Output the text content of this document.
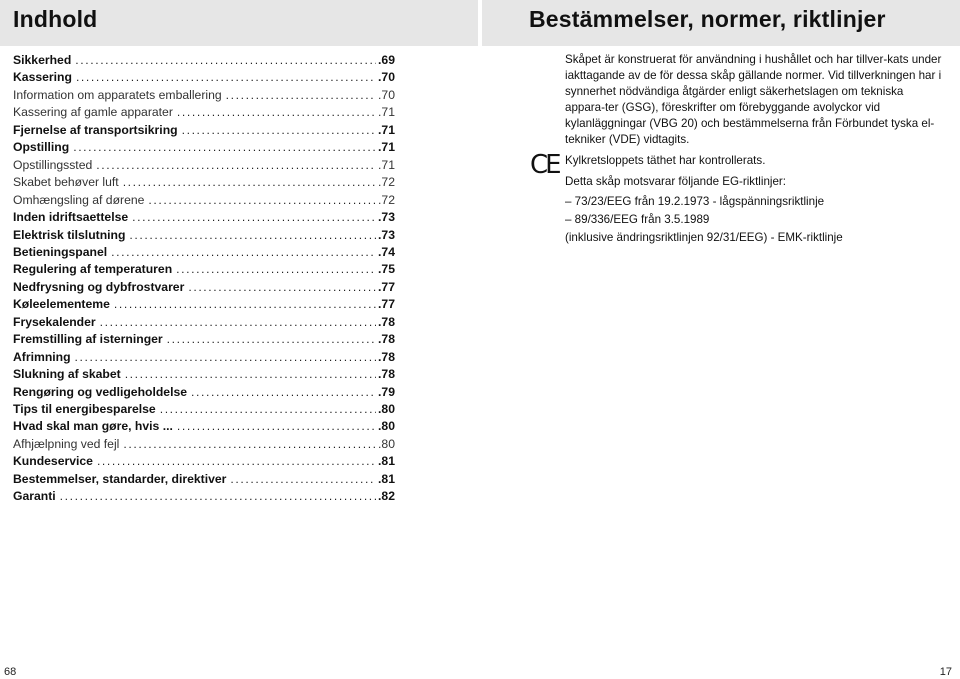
Indhold	Bestämmelser, normer, riktlinjer
Sikkerhed .....	.69
Kassering .....	.70
Information om apparatets emballering .....	.70
Kassering af gamle apparater .....	.71
Fjernelse af transportsikring .....	.71
Opstilling .....	.71
Opstillingssted .....	.71
Skabet behøver luft .....	.72
Omhængsling af dørene .....	.72
Inden idriftsaettelse .....	.73
Elektrisk tilslutning .....	.73
Betieningspanel .....	.74
Regulering af temperaturen .....	.75
Nedfrysning og dybfrostvarer .....	.77
Køleelementeme .....	.77
Frysekalender .....	.78
Fremstilling af isterninger .....	.78
Afrimning .....	.78
Slukning af skabet .....	.78
Rengøring og vedligeholdelse .....	.79
Tips til energibesparelse .....	.80
Hvad skal man gøre, hvis ... .....	.80
Afhjælpning ved fejl .....	.80
Kundeservice .....	.81
Bestemmelser, standarder, direktiver .....	.81
Garanti .....	.82
CE

Skåpet är konstruerat för användning i hushållet och har tillver-kats under iakttagande av de för dessa skåp gällande normer. Vid tillverkningen har i synnerhet nödvändiga åtgärder enligt säkerhetslagen om tekniska appara-ter (GSG), föreskrifter om förebyggande avolyckor vid kylanläggningar (VBG 20) och bestämmelserna från Förbundet tyska el-tekniker (VDE) vidtagits.

Kylkretsloppets täthet har kontrollerats.

Detta skåp motsvarar följande EG-riktlinjer:

– 73/23/EEG från 19.2.1973 - lågspänningsriktlinje

– 89/336/EEG från 3.5.1989

(inklusive ändringsriktlinjen 92/31/EEG) - EMK-riktlinje

68	17
